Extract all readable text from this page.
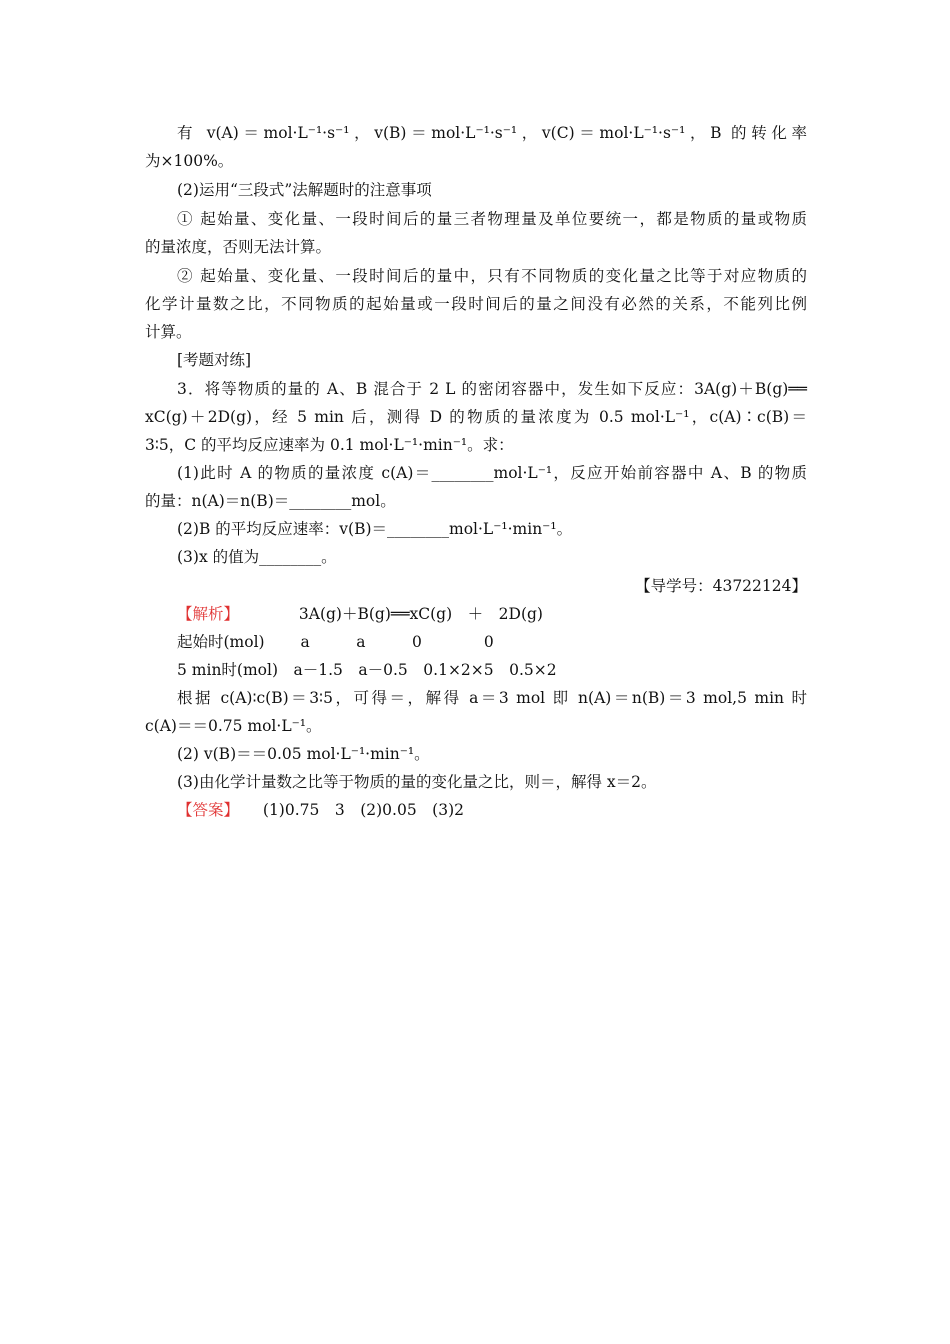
有 v(A)＝mol·L⁻¹·s⁻¹，v(B)＝mol·L⁻¹·s⁻¹，v(C)＝mol·L⁻¹·s⁻¹，B 的转化率
为×100%。
(2)运用“三段式”法解题时的注意事项
① 起始量、变化量、一段时间后的量三者物理量及单位要统一，都是物质的量或物质
的量浓度，否则无法计算。
② 起始量、变化量、一段时间后的量中，只有不同物质的变化量之比等于对应物质的
化学计量数之比，不同物质的起始量或一段时间后的量之间没有必然的关系，不能列比例
计算。
[考题对练]
3．将等物质的量的 A、B 混合于 2 L 的密闭容器中，发生如下反应：3A(g)＋B(g)══
xC(g)＋2D(g)，经 5 min 后，测得 D 的物质的量浓度为 0.5 mol·L⁻¹，c(A)∶c(B)＝
3∶5，C 的平均反应速率为 0.1 mol·L⁻¹·min⁻¹。求：
(1)此时 A 的物质的量浓度 c(A)＝________mol·L⁻¹，反应开始前容器中 A、B 的物质
的量：n(A)＝n(B)＝________mol。
(2)B 的平均反应速率：v(B)＝________mol·L⁻¹·min⁻¹。
(3)x 的值为________。
【导学号：43722124】
【解析】	3A(g)＋B(g)══xC(g)　＋　2D(g)
起始时(mol)　　 a　　　a　　　0　　　　0
5 min时(mol)　a－1.5　a－0.5　0.1×2×5　0.5×2
根据 c(A)∶c(B)＝3∶5，可得＝，解得 a＝3 mol 即 n(A)＝n(B)＝3 mol,5 min 时
c(A)＝＝0.75 mol·L⁻¹。
(2) v(B)＝＝0.05 mol·L⁻¹·min⁻¹。
(3)由化学计量数之比等于物质的量的变化量之比，则＝，解得 x＝2。
【答案】 (1)0.75　3　(2)0.05　(3)2
